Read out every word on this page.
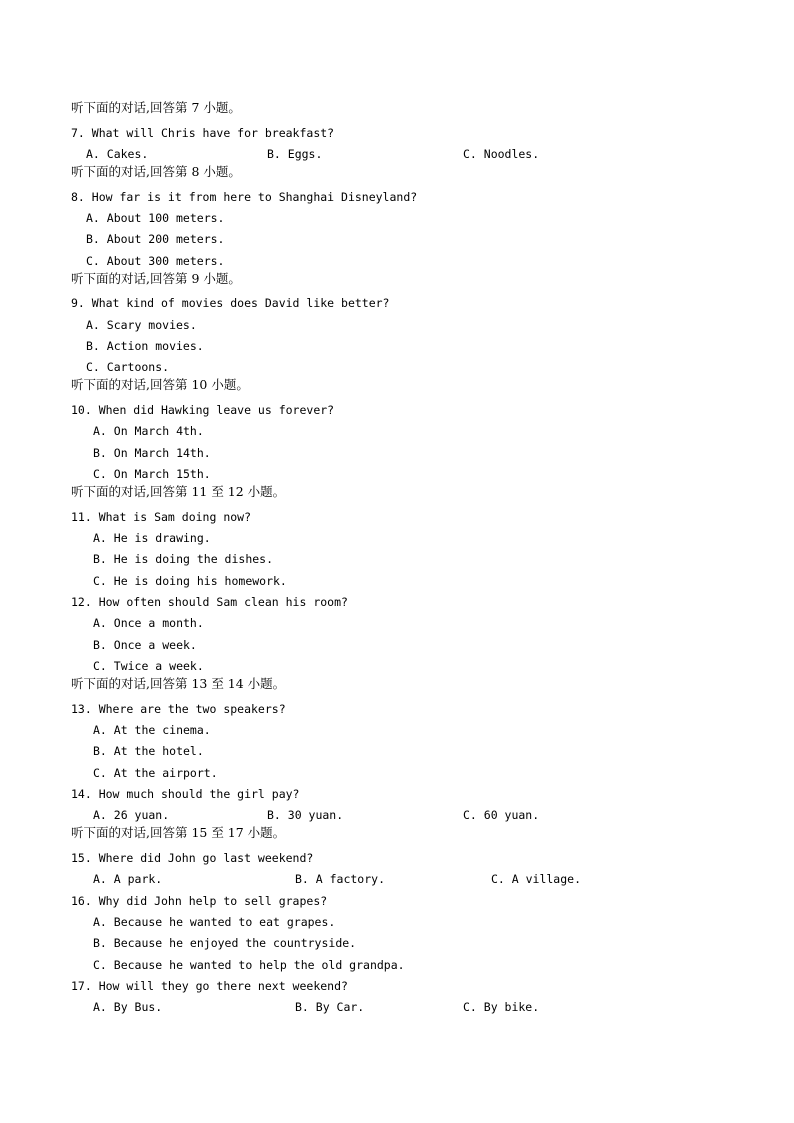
听下面的对话,回答第 7 小题。
7. What will Chris have for breakfast?
A. Cakes.	B. Eggs.	C. Noodles.
听下面的对话,回答第 8 小题。
8. How far is it from here to Shanghai Disneyland?
A. About 100 meters.
B. About 200 meters.
C. About 300 meters.
听下面的对话,回答第 9 小题。
9. What kind of movies does David like better?
A. Scary movies.
B. Action movies.
C. Cartoons.
听下面的对话,回答第 10 小题。
10. When did Hawking leave us forever?
A. On March 4th.
B. On March 14th.
C. On March 15th.
听下面的对话,回答第 11 至 12 小题。
11. What is Sam doing now?
A. He is drawing.
B. He is doing the dishes.
C. He is doing his homework.
12. How often should Sam clean his room?
A. Once a month.
B. Once a week.
C. Twice a week.
听下面的对话,回答第 13 至 14 小题。
13. Where are the two speakers?
A. At the cinema.
B. At the hotel.
C. At the airport.
14. How much should the girl pay?
A. 26 yuan.	B. 30 yuan.	C. 60 yuan.
听下面的对话,回答第 15 至 17 小题。
15. Where did John go last weekend?
A. A park.	B. A factory.	C. A village.
16. Why did John help to sell grapes?
A. Because he wanted to eat grapes.
B. Because he enjoyed the countryside.
C. Because he wanted to help the old grandpa.
17. How will they go there next weekend?
A. By Bus.	B. By Car.	C. By bike.
